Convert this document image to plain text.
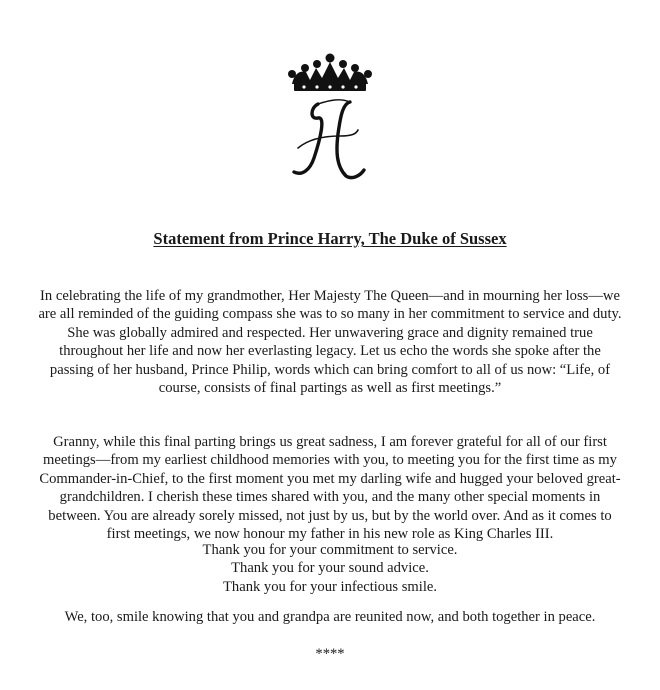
Statement from Prince Harry, The Duke of Sussex

In celebrating the life of my grandmother, Her Majesty The Queen—and in mourning her loss—we
are all reminded of the guiding compass she was to so many in her commitment to service and duty.
She was globally admired and respected. Her unwavering grace and dignity remained true
throughout her life and now her everlasting legacy. Let us echo the words she spoke after the
passing of her husband, Prince Philip, words which can bring comfort to all of us now: “Life, of
course, consists of final partings as well as first meetings.”

Granny, while this final parting brings us great sadness, I am forever grateful for all of our first
meetings—from my earliest childhood memories with you, to meeting you for the first time as my
Commander-in-Chief, to the first moment you met my darling wife and hugged your beloved great-
grandchildren. I cherish these times shared with you, and the many other special moments in
between. You are already sorely missed, not just by us, but by the world over. And as it comes to
first meetings, we now honour my father in his new role as King Charles III.

Thank you for your commitment to service.
Thank you for your sound advice.
Thank you for your infectious smile.

We, too, smile knowing that you and grandpa are reunited now, and both together in peace.

****
